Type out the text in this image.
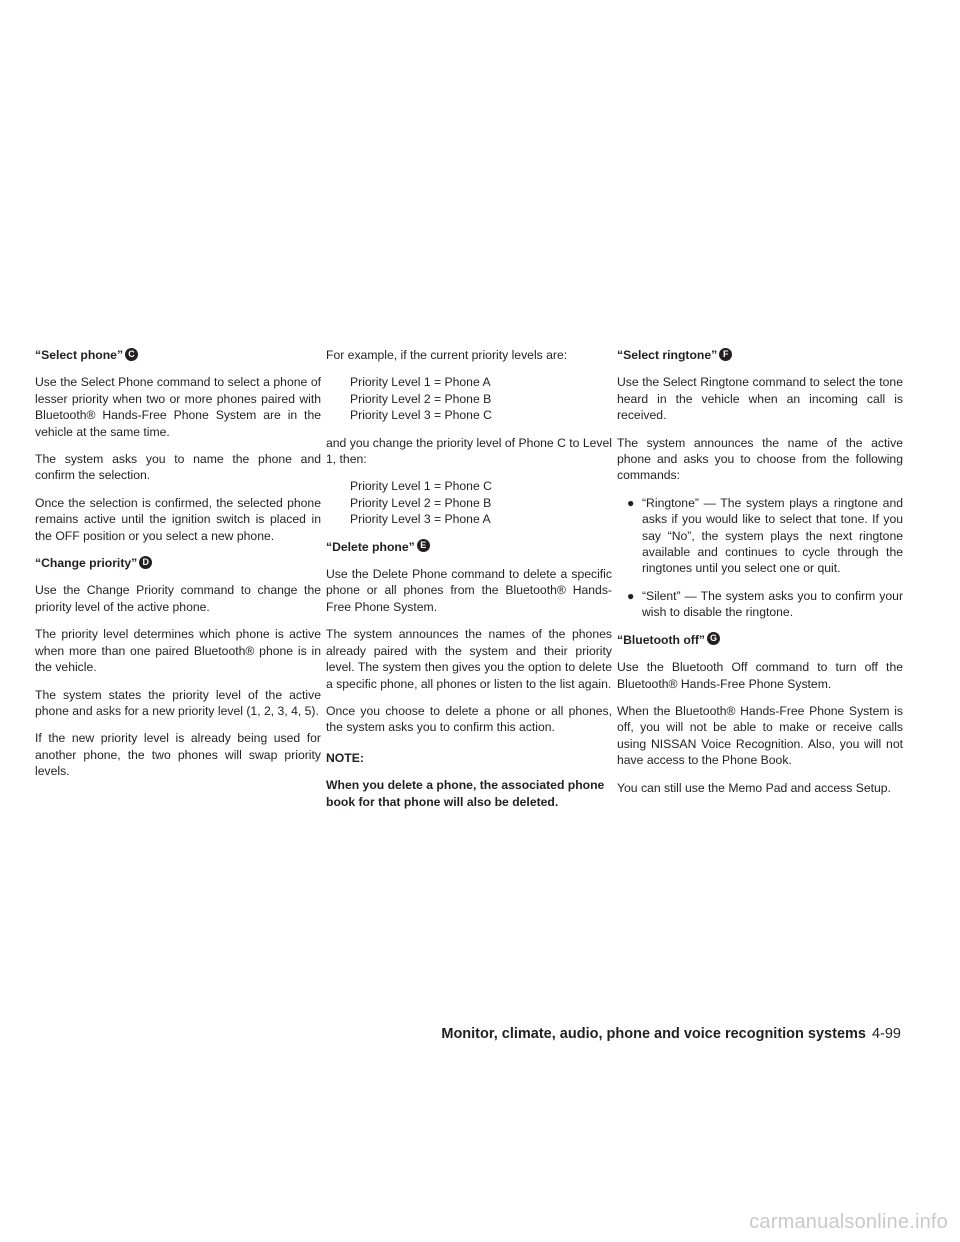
“Select phone” C

Use the Select Phone command to select a phone of lesser priority when two or more phones paired with Bluetooth® Hands-Free Phone System are in the vehicle at the same time.

The system asks you to name the phone and confirm the selection.

Once the selection is confirmed, the selected phone remains active until the ignition switch is placed in the OFF position or you select a new phone.

“Change priority” D

Use the Change Priority command to change the priority level of the active phone.

The priority level determines which phone is active when more than one paired Bluetooth® phone is in the vehicle.

The system states the priority level of the active phone and asks for a new priority level (1, 2, 3, 4, 5).

If the new priority level is already being used for another phone, the two phones will swap priority levels.

For example, if the current priority levels are:

Priority Level 1 = Phone A
Priority Level 2 = Phone B
Priority Level 3 = Phone C

and you change the priority level of Phone C to Level 1, then:

Priority Level 1 = Phone C
Priority Level 2 = Phone B
Priority Level 3 = Phone A
“Delete phone” E

Use the Delete Phone command to delete a specific phone or all phones from the Bluetooth® Hands-Free Phone System.

The system announces the names of the phones already paired with the system and their priority level. The system then gives you the option to delete a specific phone, all phones or listen to the list again.

Once you choose to delete a phone or all phones, the system asks you to confirm this action.

NOTE:

When you delete a phone, the associated phone book for that phone will also be deleted.

“Select ringtone” F

Use the Select Ringtone command to select the tone heard in the vehicle when an incoming call is received.

The system announces the name of the active phone and asks you to choose from the following commands:

● “Ringtone” — The system plays a ringtone and asks if you would like to select that tone. If you say “No”, the system plays the next ringtone available and continues to cycle through the ringtones until you select one or quit.
● “Silent” — The system asks you to confirm your wish to disable the ringtone.
“Bluetooth off” G

Use the Bluetooth Off command to turn off the Bluetooth® Hands-Free Phone System.

When the Bluetooth® Hands-Free Phone System is off, you will not be able to make or receive calls using NISSAN Voice Recognition. Also, you will not have access to the Phone Book.

You can still use the Memo Pad and access Setup.

Monitor, climate, audio, phone and voice recognition systems 4-99
carmanualsonline.info
